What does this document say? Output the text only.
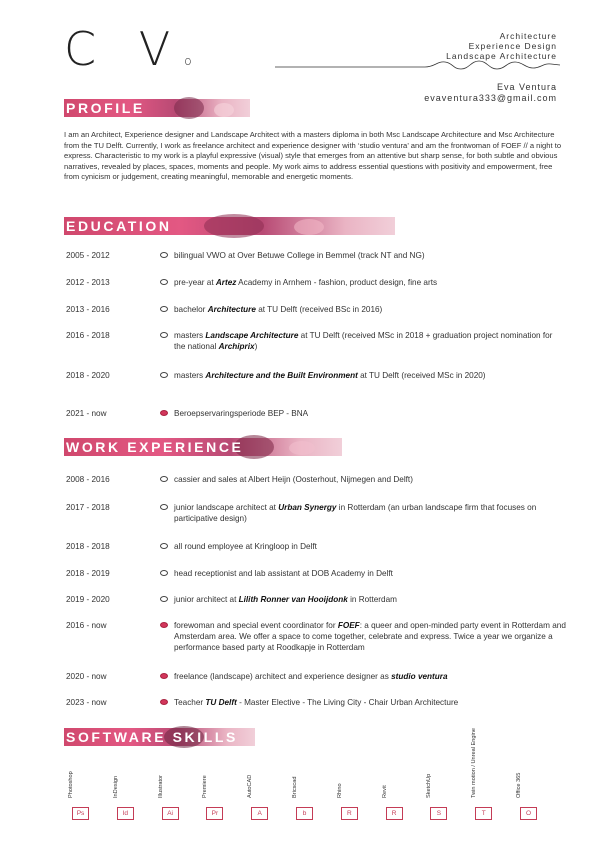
C Vo
Architecture
Experience Design
Landscape Architecture
Eva Ventura
evaventura333@gmail.com
PROFILE
I am an Architect, Experience designer and Landscape Architect with a masters diploma in both Msc Landscape Architecture and Msc Architecture from the TU Delft. Currently, I work as freelance architect and experience designer with ‘studio ventura’ and am the frontwoman of FOEF // a night to express. Characteristic to my work is a playful expressive (visual) style that emerges from an attentive but sharp sense, for both subtle and obvious narratives, revealed by places, spaces, moments and people. My work aims to address essential questions with positivity and empowerment, free from cynicism or judgement, creating meaningful, memorable and energetic moments.
EDUCATION
2005 - 2012	bilingual VWO at Over Betuwe College in Bemmel (track NT and NG)
2012 - 2013	pre-year at Artez Academy in Arnhem - fashion, product design, fine arts
2013 - 2016	bachelor Architecture at TU Delft (received BSc in 2016)
2016 - 2018	masters Landscape Architecture at TU Delft (received MSc in 2018 + graduation project nomination for the national Archiprix)
2018 - 2020	masters Architecture and the Built Environment at TU Delft (received MSc in 2020)
2021 - now	Beroepservaringsperiode BEP - BNA
WORK EXPERIENCE
2008 - 2016	cassier and sales at Albert Heijn (Oosterhout, Nijmegen and Delft)
2017 - 2018	junior landscape architect at Urban Synergy in Rotterdam (an urban landscape firm that focuses on participative design)
2018 - 2018	all round employee at Kringloop in Delft
2018 - 2019	head receptionist and lab assistant at DOB Academy in Delft
2019 - 2020	junior architect at Lilith Ronner van Hooijdonk in Rotterdam
2016 - now	forewoman and special event coordinator for FOEF: a queer and open-minded party event in Rotterdam and Amsterdam area. We offer a space to come together, celebrate and express. Twice a year we organize a performance based party at Roodkapje in Rotterdam
2020 - now	freelance (landscape) architect and experience designer as studio ventura
2023 - now	Teacher TU Delft - Master Elective - The Living City - Chair Urban Architecture
SOFTWARE SKILLS
Photoshop
Ps
InDesign
Id
Illustrator
Ai
Premiere
Pr
AutoCAD
A
Bricscad
b
Rhino
R
Revit
R
SketchUp
S
Twin motion / Unreal Engine
T
Office 365
O
